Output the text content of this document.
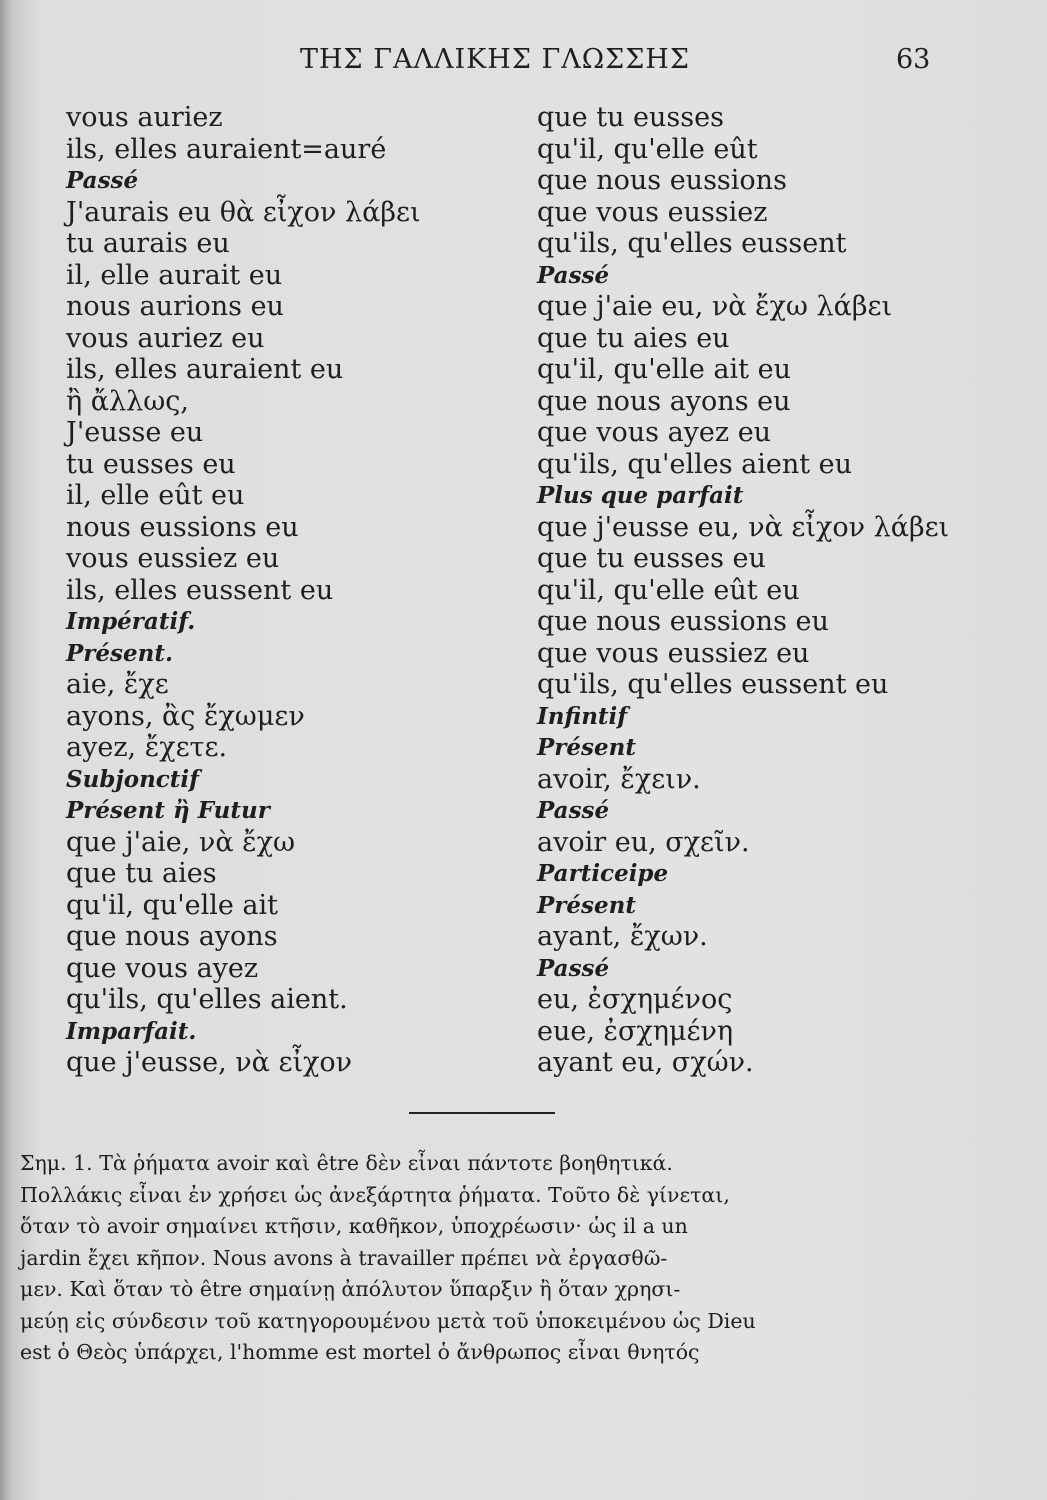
ΤΗΣ ΓΑΛΛΙΚΗΣ ΓΛΩΣΣΗΣ	63
vous auriez
ils, elles auraient=auré
Passé
J'aurais eu θὰ εἶχον λάβει
tu aurais eu
il, elle aurait eu
nous aurions eu
vous auriez eu
ils, elles auraient eu
ἢ ἄλλως,
J'eusse eu
tu eusses eu
il, elle eût eu
nous eussions eu
vous eussiez eu
ils, elles eussent eu
Impératif.
Présent.
aie, ἔχε
ayons, ἂς ἔχωμεν
ayez, ἔχετε.
Subjonctif
Présent ἢ Futur
que j'aie, νὰ ἔχω
que tu aies
qu'il, qu'elle ait
que nous ayons
que vous ayez
qu'ils, qu'elles aient.
Imparfait.
que j'eusse, νὰ εἶχον
que tu eusses
qu'il, qu'elle eût
que nous eussions
que vous eussiez
qu'ils, qu'elles eussent
Passé
que j'aie eu, νὰ ἔχω λάβει
que tu aies eu
qu'il, qu'elle ait eu
que nous ayons eu
que vous ayez eu
qu'ils, qu'elles aient eu
Plus que parfait
que j'eusse eu, νὰ εἶχον λάβει
que tu eusses eu
qu'il, qu'elle eût eu
que nous eussions eu
que vous eussiez eu
qu'ils, qu'elles eussent eu
Infintif
Présent
avoir, ἔχειν.
Passé
avoir eu, σχεῖν.
Particeipe
Présent
ayant, ἔχων.
Passé
eu, ἐσχημένος
eue, ἐσχημένη
ayant eu, σχών.
Σημ. 1. Τὰ ῥήματα avoir καὶ être δὲν εἶναι πάντοτε βοηθητικά.
Πολλάκις εἶναι ἐν χρήσει ὡς ἀνεξάρτητα ῥήματα. Τοῦτο δὲ γίνεται,
ὅταν τὸ avoir σημαίνει κτῆσιν, καθῆκον, ὑποχρέωσιν· ὡς il a un
jardin ἔχει κῆπον. Nous avons à travailler πρέπει νὰ ἐργασθῶ-
μεν. Καὶ ὅταν τὸ être σημαίνῃ ἀπόλυτον ὕπαρξιν ἢ ὅταν χρησι-
μεύῃ εἰς σύνδεσιν τοῦ κατηγορουμένου μετὰ τοῦ ὑποκειμένου ὡς Dieu
est ὁ Θεὸς ὑπάρχει, l'homme est mortel ὁ ἄνθρωπος εἶναι θνητός
